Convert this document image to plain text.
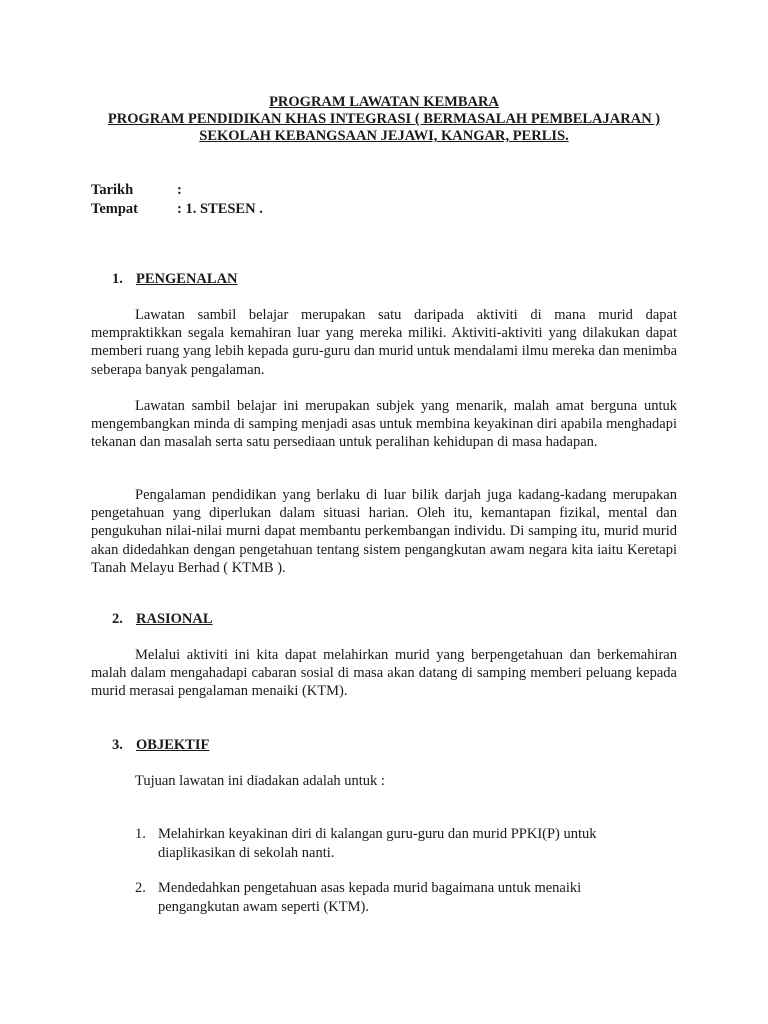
PROGRAM LAWATAN KEMBARA

PROGRAM PENDIDIKAN KHAS INTEGRASI ( BERMASALAH PEMBELAJARAN )

SEKOLAH KEBANGSAAN JEJAWI, KANGAR, PERLIS.

Tarikh	:
Tempat	: 1. STESEN .
1. PENGENALAN

Lawatan sambil belajar merupakan satu daripada aktiviti di mana murid dapat mempraktikkan segala kemahiran luar yang mereka miliki. Aktiviti-aktiviti yang dilakukan dapat memberi ruang yang lebih kepada guru-guru dan murid untuk mendalami ilmu mereka dan menimba seberapa banyak pengalaman.

Lawatan sambil belajar ini merupakan subjek yang menarik, malah amat berguna untuk mengembangkan minda di samping menjadi asas untuk membina keyakinan diri apabila menghadapi tekanan dan masalah serta satu persediaan untuk peralihan kehidupan di masa hadapan.

Pengalaman pendidikan yang berlaku di luar bilik darjah juga kadang-kadang merupakan pengetahuan yang diperlukan dalam situasi harian. Oleh itu, kemantapan fizikal, mental dan pengukuhan nilai-nilai murni dapat membantu perkembangan individu. Di samping itu, murid murid akan didedahkan dengan pengetahuan tentang sistem pengangkutan awam negara kita iaitu Keretapi Tanah Melayu Berhad ( KTMB ).

2. RASIONAL

Melalui aktiviti ini kita dapat melahirkan murid yang berpengetahuan dan berkemahiran malah dalam mengahadapi cabaran sosial di masa akan datang di samping memberi peluang kepada murid merasai pengalaman menaiki (KTM).

3. OBJEKTIF
Tujuan lawatan ini diadakan adalah untuk :
1. Melahirkan keyakinan diri di kalangan guru-guru dan murid PPKI(P) untuk diaplikasikan di sekolah nanti.
2. Mendedahkan pengetahuan asas kepada murid bagaimana untuk menaiki pengangkutan awam seperti (KTM).
